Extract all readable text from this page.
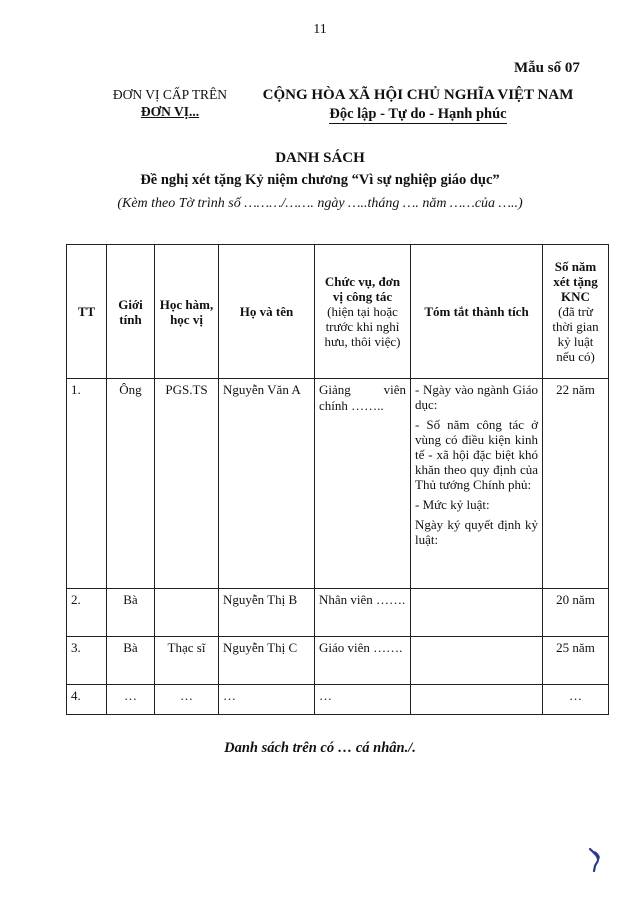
11
Mẫu số 07
ĐƠN VỊ CẤP TRÊN
ĐƠN VỊ...
CỘNG HÒA XÃ HỘI CHỦ NGHĨA VIỆT NAM
Độc lập - Tự do - Hạnh phúc
DANH SÁCH
Đề nghị xét tặng Kỷ niệm chương “Vì sự nghiệp giáo dục”
(Kèm theo Tờ trình số ………/……. ngày …..tháng …. năm ……của …..)
TT	Giới tính	Học hàm, học vị	Họ và tên	Chức vụ, đơn vị công tác
(hiện tại hoặc trước khi nghỉ hưu, thôi việc)	Tóm tắt thành tích	Số năm xét tặng KNC
(đã trừ thời gian kỷ luật nếu có)

1.	Ông	PGS.TS	Nguyễn Văn A	Giảng viên chính ……..	- Ngày vào ngành Giáo dục:

- Số năm công tác ở vùng có điều kiện kinh tế - xã hội đặc biệt khó khăn theo quy định của Thủ tướng Chính phủ:

- Mức kỷ luật:

Ngày ký quyết định kỷ luật:	22 năm
2.	Bà		Nguyễn Thị B	Nhân viên …….		20 năm
3.	Bà	Thạc sĩ	Nguyễn Thị C	Giáo viên …….		25 năm
4.	…	…	…	…		…
Danh sách trên có … cá nhân./.
